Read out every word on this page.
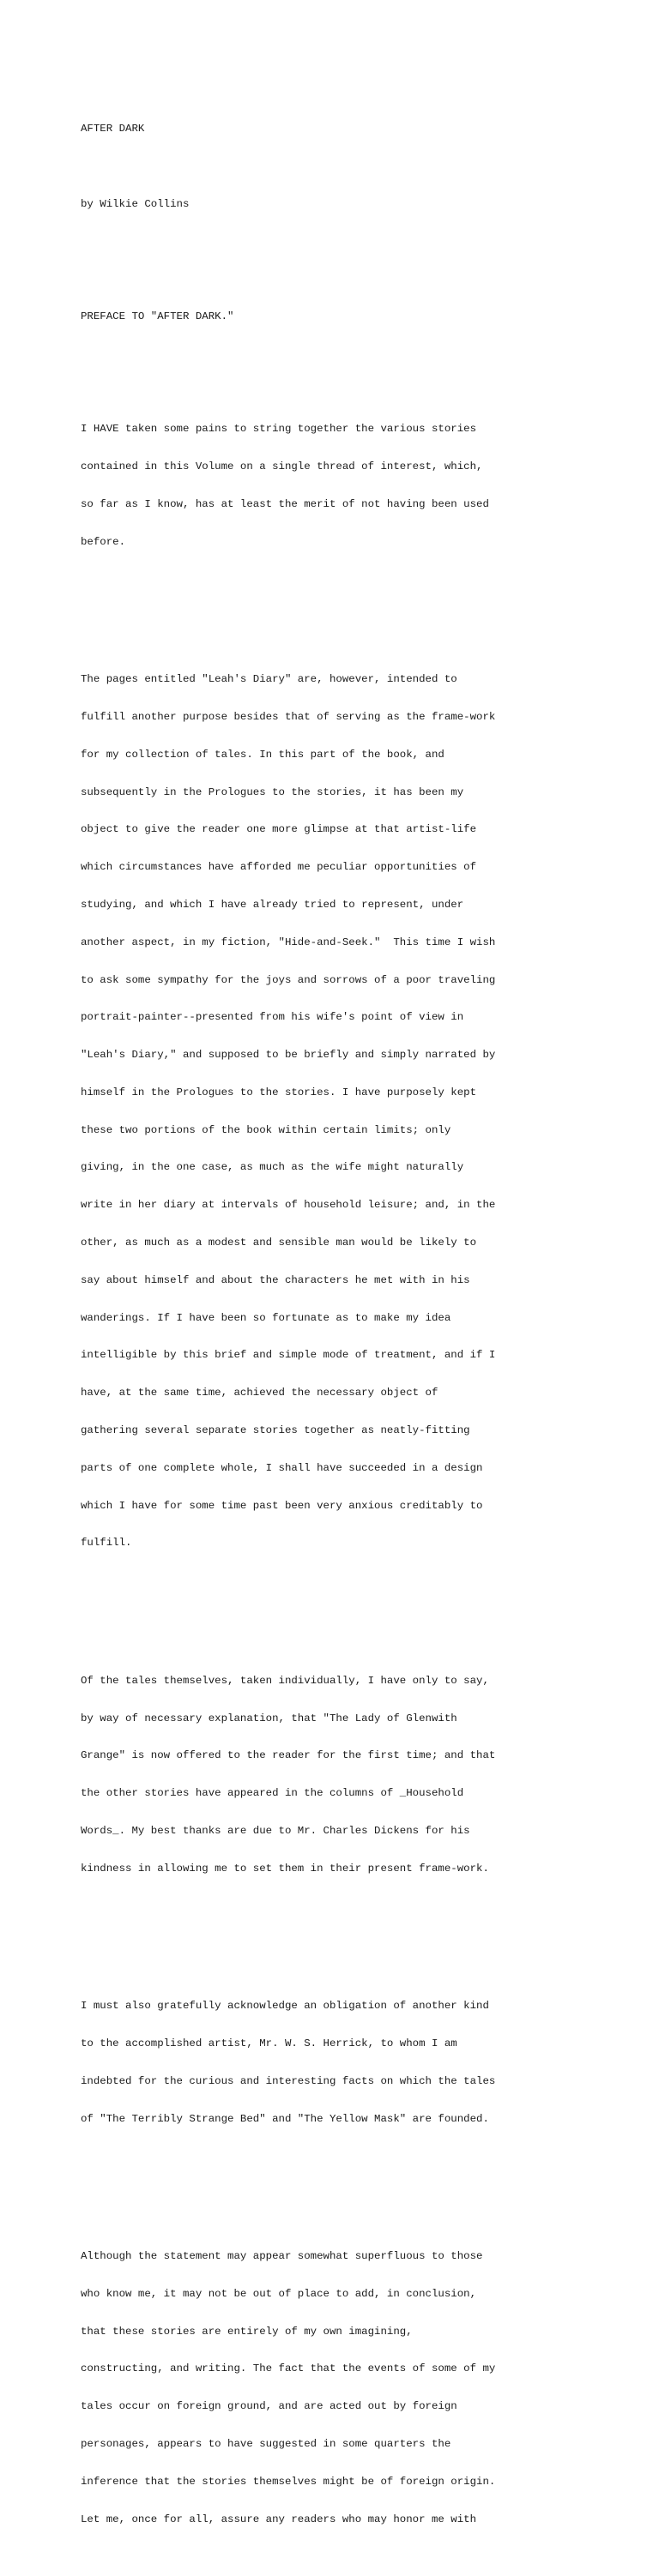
AFTER DARK

by Wilkie Collins

PREFACE TO "AFTER DARK."

I HAVE taken some pains to string together the various stories

contained in this Volume on a single thread of interest, which,

so far as I know, has at least the merit of not having been used

before.

The pages entitled "Leah's Diary" are, however, intended to

fulfill another purpose besides that of serving as the frame-work

for my collection of tales. In this part of the book, and

subsequently in the Prologues to the stories, it has been my

object to give the reader one more glimpse at that artist-life

which circumstances have afforded me peculiar opportunities of

studying, and which I have already tried to represent, under

another aspect, in my fiction, "Hide-and-Seek."  This time I wish

to ask some sympathy for the joys and sorrows of a poor traveling

portrait-painter--presented from his wife's point of view in

"Leah's Diary," and supposed to be briefly and simply narrated by

himself in the Prologues to the stories. I have purposely kept

these two portions of the book within certain limits; only

giving, in the one case, as much as the wife might naturally

write in her diary at intervals of household leisure; and, in the

other, as much as a modest and sensible man would be likely to

say about himself and about the characters he met with in his

wanderings. If I have been so fortunate as to make my idea

intelligible by this brief and simple mode of treatment, and if I

have, at the same time, achieved the necessary object of

gathering several separate stories together as neatly-fitting

parts of one complete whole, I shall have succeeded in a design

which I have for some time past been very anxious creditably to

fulfill.

Of the tales themselves, taken individually, I have only to say,

by way of necessary explanation, that "The Lady of Glenwith

Grange" is now offered to the reader for the first time; and that

the other stories have appeared in the columns of _Household

Words_. My best thanks are due to Mr. Charles Dickens for his

kindness in allowing me to set them in their present frame-work.

I must also gratefully acknowledge an obligation of another kind

to the accomplished artist, Mr. W. S. Herrick, to whom I am

indebted for the curious and interesting facts on which the tales

of "The Terribly Strange Bed" and "The Yellow Mask" are founded.

Although the statement may appear somewhat superfluous to those

who know me, it may not be out of place to add, in conclusion,

that these stories are entirely of my own imagining,

constructing, and writing. The fact that the events of some of my

tales occur on foreign ground, and are acted out by foreign

personages, appears to have suggested in some quarters the

inference that the stories themselves might be of foreign origin.

Let me, once for all, assure any readers who may honor me with
